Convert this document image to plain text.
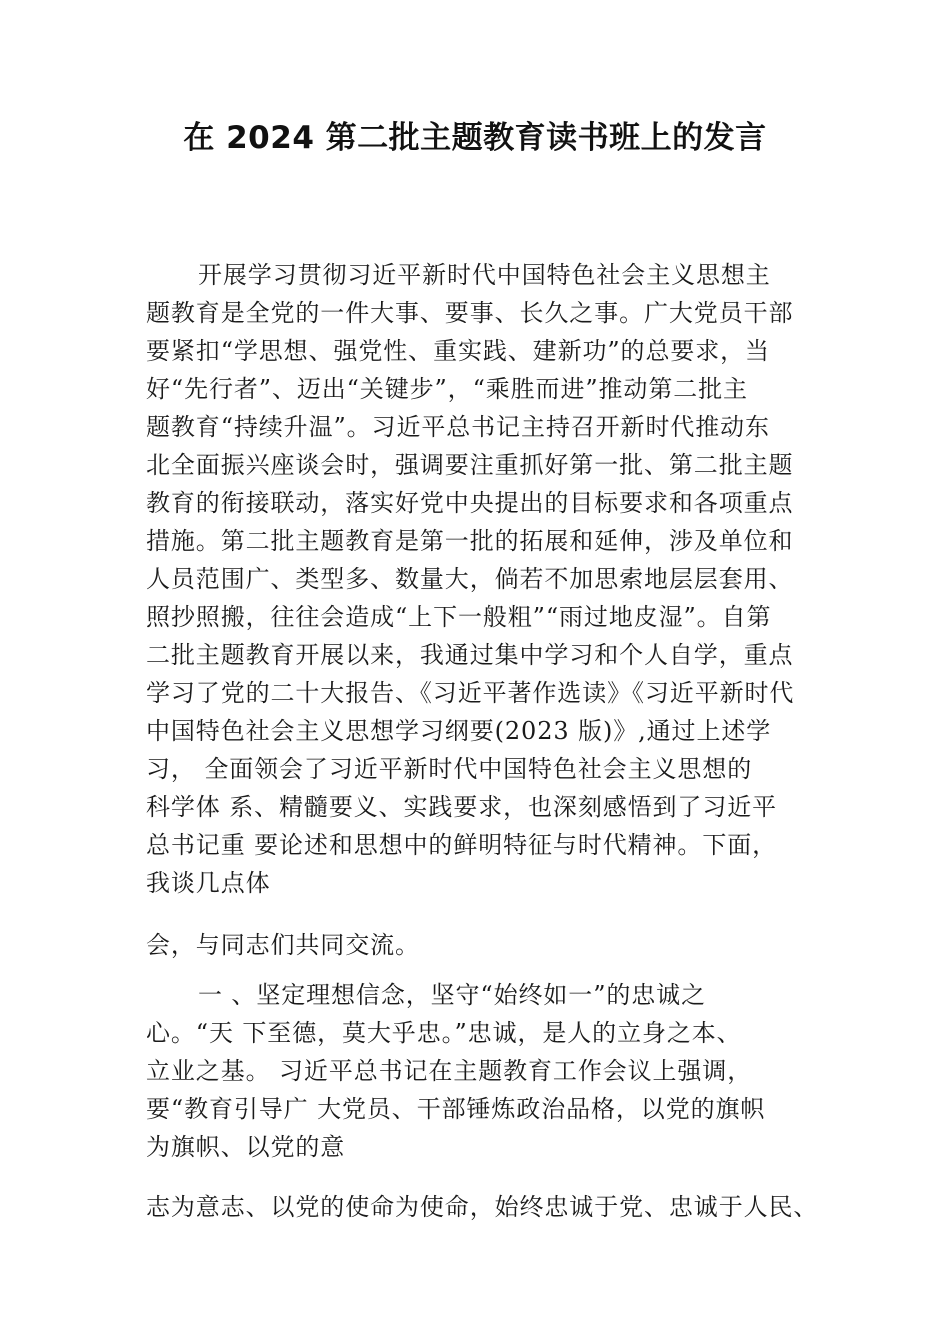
在 2024 第二批主题教育读书班上的发言
开展学习贯彻习近平新时代中国特色社会主义思想主
题教育是全党的一件大事、要事、长久之事。广大党员干部
要紧扣“学思想、强党性、重实践、建新功”的总要求，当
好“先行者”、迈出“关键步”，“乘胜而进”推动第二批主
题教育“持续升温”。习近平总书记主持召开新时代推动东
北全面振兴座谈会时，强调要注重抓好第一批、第二批主题
教育的衔接联动，落实好党中央提出的目标要求和各项重点
措施。第二批主题教育是第一批的拓展和延伸，涉及单位和
人员范围广、类型多、数量大，倘若不加思索地层层套用、
照抄照搬，往往会造成“上下一般粗”“雨过地皮湿”。自第
二批主题教育开展以来，我通过集中学习和个人自学，重点
学习了党的二十大报告、《习近平著作选读》《习近平新时代
中国特色社会主义思想学习纲要(2023 版)》,通过上述学
习， 全面领会了习近平新时代中国特色社会主义思想的
科学体 系、精髓要义、实践要求，也深刻感悟到了习近平
总书记重 要论述和思想中的鲜明特征与时代精神。下面，
我谈几点体
会，与同志们共同交流。
一 、坚定理想信念，坚守“始终如一”的忠诚之
心。“天 下至德，莫大乎忠。”忠诚，是人的立身之本、
立业之基。 习近平总书记在主题教育工作会议上强调，
要“教育引导广 大党员、干部锤炼政治品格，以党的旗帜
为旗帜、以党的意
志为意志、以党的使命为使命，始终忠诚于党、忠诚于人民、
